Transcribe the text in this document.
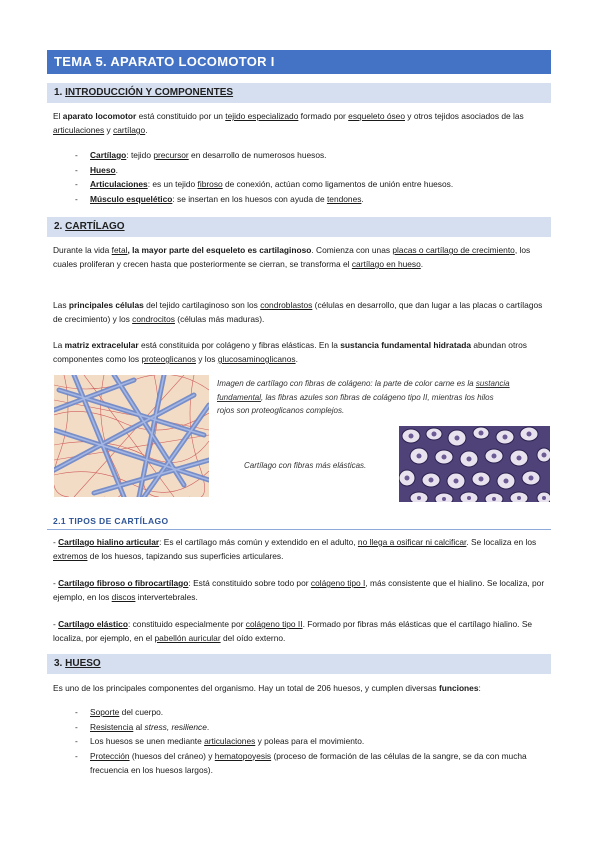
TEMA 5. APARATO LOCOMOTOR I
1. INTRODUCCIÓN Y COMPONENTES
El aparato locomotor está constituido por un tejido especializado formado por esqueleto óseo y otros tejidos asociados de las articulaciones y cartílago.
- Cartílago: tejido precursor en desarrollo de numerosos huesos.
- Hueso.
- Articulaciones: es un tejido fibroso de conexión, actúan como ligamentos de unión entre huesos.
- Músculo esquelético: se insertan en los huesos con ayuda de tendones.
2. CARTÍLAGO
Durante la vida fetal, la mayor parte del esqueleto es cartilaginoso. Comienza con unas placas o cartílago de crecimiento, los cuales proliferan y crecen hasta que posteriormente se cierran, se transforma el cartílago en hueso.
Las principales células del tejido cartilaginoso son los condroblastos (células en desarrollo, que dan lugar a las placas o cartílagos de crecimiento) y los condrocitos (células más maduras).
La matriz extracelular está constituida por colágeno y fibras elásticas. En la sustancia fundamental hidratada abundan otros componentes como los proteoglicanos y los glucosaminoglicanos.
Imagen de cartílago con fibras de colágeno: la parte de color carne es la sustancia fundamental, las fibras azules son fibras de colágeno tipo II, mientras los hilos rojos son proteoglicanos complejos.
Cartílago con fibras más elásticas.
2.1 TIPOS DE CARTÍLAGO
- Cartílago hialino articular: Es el cartílago más común y extendido en el adulto, no llega a osificar ni calcificar. Se localiza en los extremos de los huesos, tapizando sus superficies articulares.
- Cartílago fibroso o fibrocartílago: Está constituido sobre todo por colágeno tipo I, más consistente que el hialino. Se localiza, por ejemplo, en los discos intervertebrales.
- Cartílago elástico: constituido especialmente por colágeno tipo II. Formado por fibras más elásticas que el cartílago hialino. Se localiza, por ejemplo, en el pabellón auricular del oído externo.
3. HUESO
Es uno de los principales componentes del organismo. Hay un total de 206 huesos, y cumplen diversas funciones:
- Soporte del cuerpo.
- Resistencia al stress, resilience.
- Los huesos se unen mediante articulaciones y poleas para el movimiento.
- Protección (huesos del cráneo) y hematopoyesis (proceso de formación de las células de la sangre, se da con mucha frecuencia en los huesos largos).
